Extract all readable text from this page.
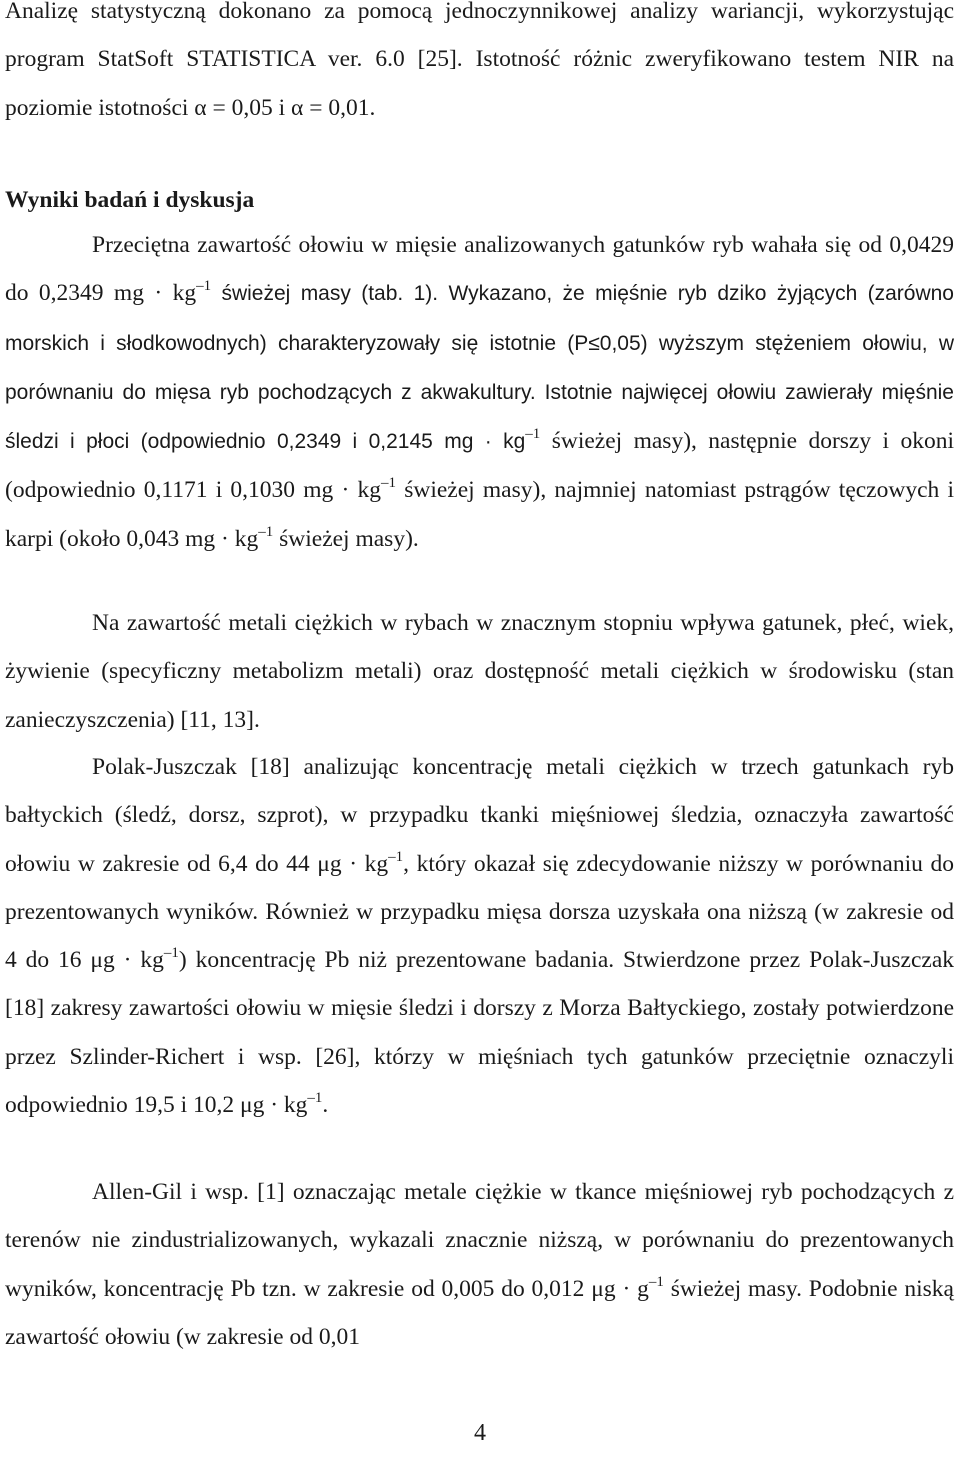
Analizę statystyczną dokonano za pomocą jednoczynnikowej analizy wariancji, wykorzystując program StatSoft STATISTICA ver. 6.0 [25]. Istotność różnic zweryfikowano testem NIR na poziomie istotności α = 0,05 i α = 0,01.

Wyniki badań i dyskusja

Przeciętna zawartość ołowiu w mięsie analizowanych gatunków ryb wahała się od 0,0429 do 0,2349 mg · $kg^{-1}$ świeżej masy (tab. 1). Wykazano, że mięśnie ryb dziko żyjących (zarówno morskich i słodkowodnych) charakteryzowały się istotnie (P≤0,05) wyższym stężeniem ołowiu, w porównaniu do mięsa ryb pochodzących z akwakultury. Istotnie najwięcej ołowiu zawierały mięśnie śledzi i płoci (odpowiednio 0,2349 i 0,2145 mg · $kg^{-1}$ świeżej masy), następnie dorszy i okoni (odpowiednio 0,1171 i 0,1030 mg · $kg^{-1}$ świeżej masy), najmniej natomiast pstrągów tęczowych i karpi (około 0,043 mg · $kg^{-1}$ świeżej masy).

Na zawartość metali ciężkich w rybach w znacznym stopniu wpływa gatunek, płeć, wiek, żywienie (specyficzny metabolizm metali) oraz dostępność metali ciężkich w środowisku (stan zanieczyszczenia) [11, 13].

Polak-Juszczak [18] analizując koncentrację metali ciężkich w trzech gatunkach ryb bałtyckich (śledź, dorsz, szprot), w przypadku tkanki mięśniowej śledzia, oznaczyła zawartość ołowiu w zakresie od 6,4 do 44 $\mu g \cdot kg^{-1}$, który okazał się zdecydowanie niższy w porównaniu do prezentowanych wyników. Również w przypadku mięsa dorsza uzyskała ona niższą (w zakresie od 4 do 16 $\mu g \cdot kg^{-1}$) koncentrację Pb niż prezentowane badania. Stwierdzone przez Polak-Juszczak [18] zakresy zawartości ołowiu w mięsie śledzi i dorszy z Morza Bałtyckiego, zostały potwierdzone przez Szlinder-Richert i wsp. [26], którzy w mięśniach tych gatunków przeciętnie oznaczyli odpowiednio 19,5 i 10,2 $\mu g \cdot kg^{-1}$.

Allen-Gil i wsp. [1] oznaczając metale ciężkie w tkance mięśniowej ryb pochodzących z terenów nie zindustrializowanych, wykazali znacznie niższą, w porównaniu do prezentowanych wyników, koncentrację Pb tzn. w zakresie od 0,005 do 0,012 $\mu g \cdot g^{-1}$ świeżej masy. Podobnie niską zawartość ołowiu (w zakresie od 0,01

4
